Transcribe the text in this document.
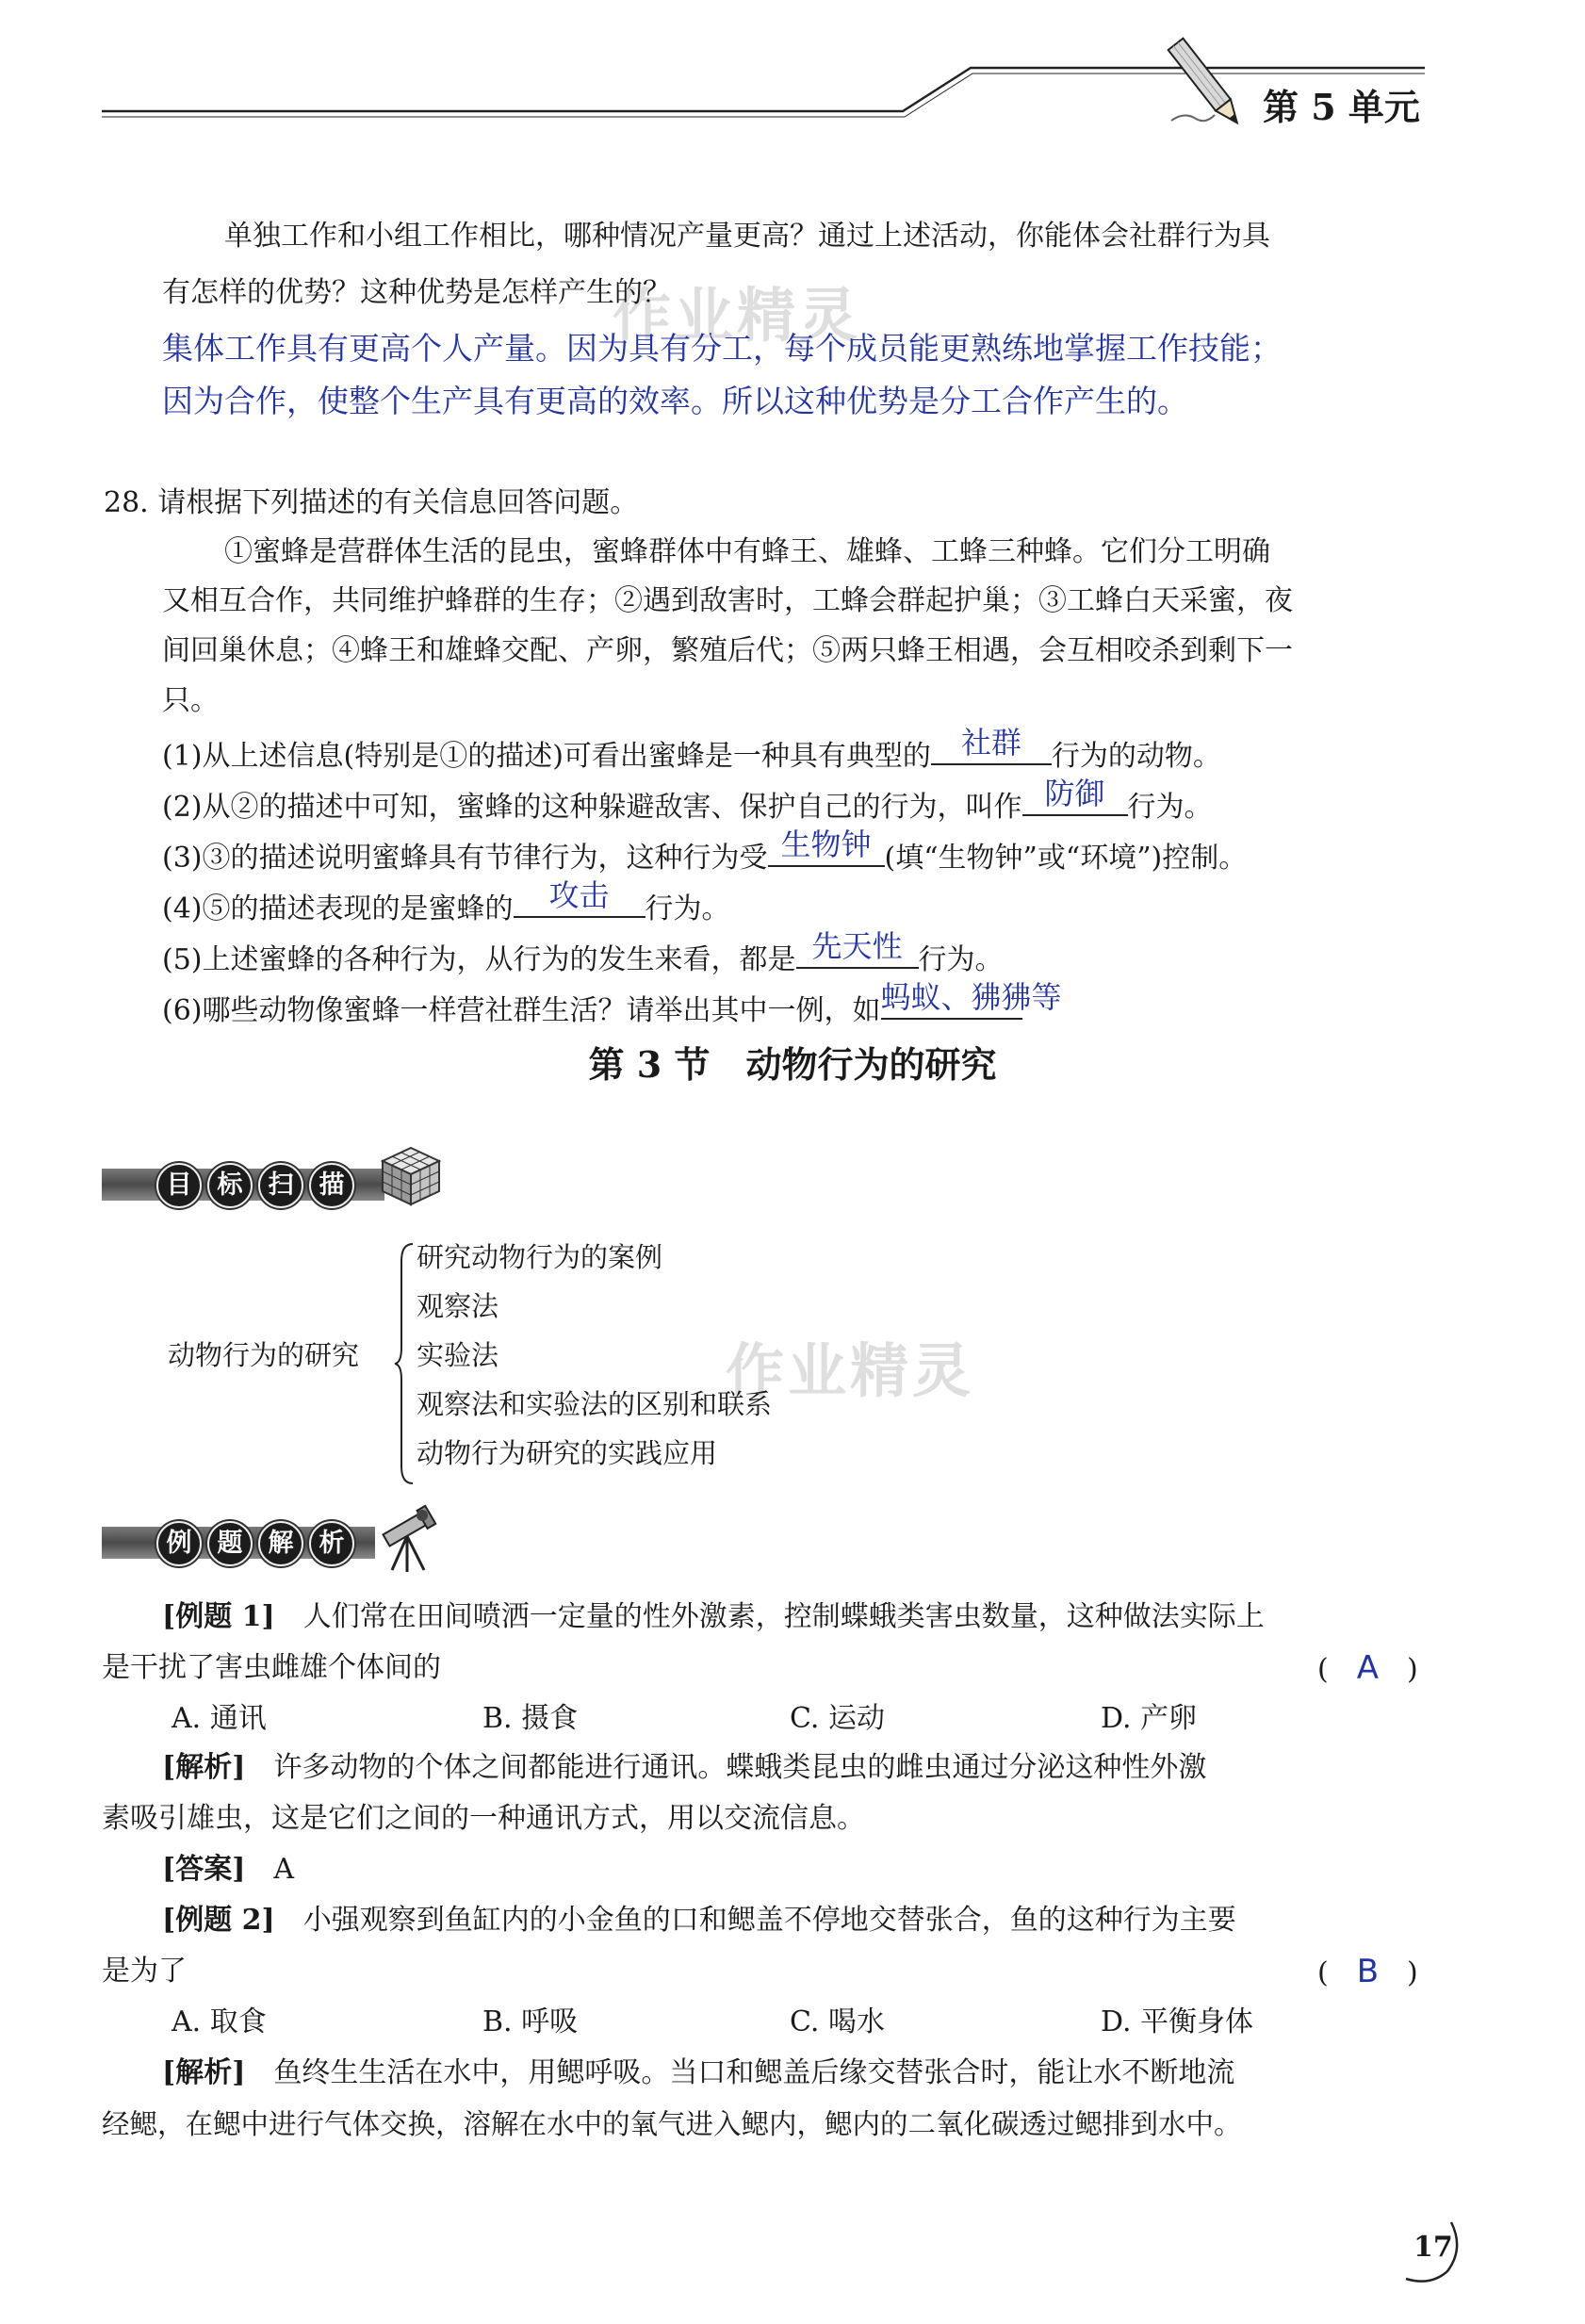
第 5 单元
作业精灵
作业精灵
单独工作和小组工作相比，哪种情况产量更高？通过上述活动，你能体会社群行为具
有怎样的优势？这种优势是怎样产生的？
集体工作具有更高个人产量。因为具有分工，每个成员能更熟练地掌握工作技能；
因为合作，使整个生产具有更高的效率。所以这种优势是分工合作产生的。
28. 请根据下列描述的有关信息回答问题。
①蜜蜂是营群体生活的昆虫，蜜蜂群体中有蜂王、雄蜂、工蜂三种蜂。它们分工明确
又相互合作，共同维护蜂群的生存；②遇到敌害时，工蜂会群起护巢；③工蜂白天采蜜，夜
间回巢休息；④蜂王和雄蜂交配、产卵，繁殖后代；⑤两只蜂王相遇，会互相咬杀到剩下一
只。
(1)从上述信息(特别是①的描述)可看出蜜蜂是一种具有典型的 社群	行为的动物。
(2)从②的描述中可知，蜜蜂的这种躲避敌害、保护自己的行为，叫作 防御 行为。
(3)③的描述说明蜜蜂具有节律行为，这种行为受 生物钟 (填“生物钟”或“环境”)控制。
(4)⑤的描述表现的是蜜蜂的	攻击	行为。
(5)上述蜜蜂的各种行为，从行为的发生来看，都是 先天性 行为。
(6)哪些动物像蜜蜂一样营社群生活？请举出其中一例，如 蚂蚁、狒狒等
第 3 节　动物行为的研究
目	标	扫	描
动物行为的研究
研究动物行为的案例
观察法
实验法
观察法和实验法的区别和联系
动物行为研究的实践应用
例	题	解	析
[例题 1]　 人们常在田间喷洒一定量的性外激素，控制蝶蛾类害虫数量，这种做法实际上
是干扰了害虫雌雄个体间的	(　 A　 )
A. 通讯	B. 摄食	C. 运动	D. 产卵
[解析]　 许多动物的个体之间都能进行通讯。蝶蛾类昆虫的雌虫通过分泌这种性外激
素吸引雄虫，这是它们之间的一种通讯方式，用以交流信息。
[答案]　 A
[例题 2]　 小强观察到鱼缸内的小金鱼的口和鳃盖不停地交替张合，鱼的这种行为主要
是为了	(　 B　 )
A. 取食	B. 呼吸	C. 喝水	D. 平衡身体
[解析]　 鱼终生生活在水中，用鳃呼吸。当口和鳃盖后缘交替张合时，能让水不断地流
经鳃，在鳃中进行气体交换，溶解在水中的氧气进入鳃内，鳃内的二氧化碳透过鳃排到水中。
17
